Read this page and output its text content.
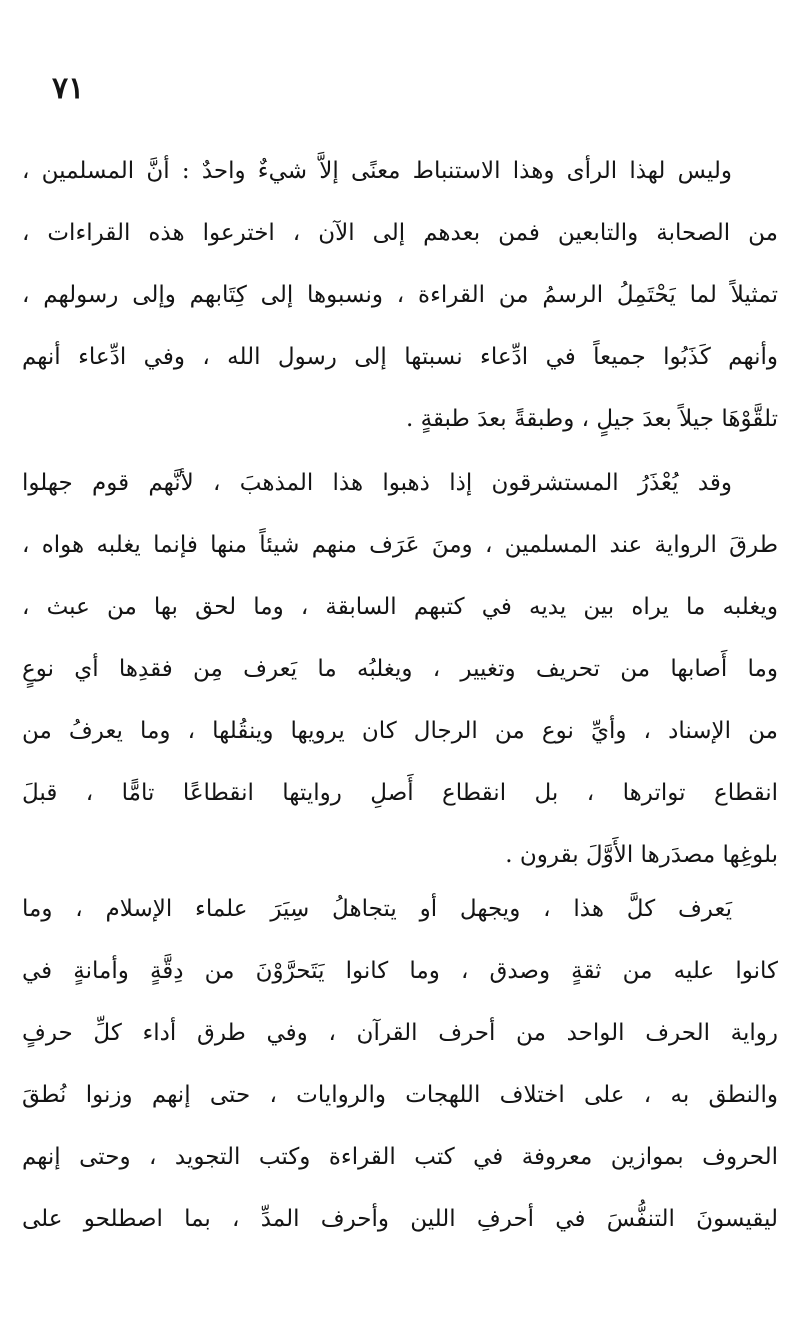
٧١
وليس لهذا الرأى وهذا الاستنباط معنًى إلاَّ شيءٌ واحدٌ : أنَّ المسلمين ،
من الصحابة والتابعين فمن بعدهم إلى الآن ، اخترعوا هذه القراءات ،
تمثيلاً لما يَحْتَمِلُ الرسمُ من القراءة ، ونسبوها إلى كِتَابهم وإلى رسولهم ،
وأنهم كَذَبُوا جميعاً في ادِّعاء نسبتها إلى رسول الله ، وفي ادِّعاء أنهم
تلقَّوْهَا جيلاً بعدَ جيلٍ ، وطبقةً بعدَ طبقةٍ .
وقد يُعْذَرُ المستشرقون إذا ذهبوا هذا المذهبَ ، لأنَّهم قوم جهلوا
طرقَ الرواية عند المسلمين ، ومنَ عَرَف منهم شيئاً منها فإنما يغلبه هواه ،
ويغلبه ما يراه بين يديه في كتبهم السابقة ، وما لحق بها من عبث ،
وما أَصابها من تحريف وتغيير ، ويغلبُه ما يَعرف مِن فقدِها أي نوعٍ
من الإسناد ، وأيِّ نوع من الرجال كان يرويها وينقُلها ، وما يعرفُ من
انقطاع تواترها ، بل انقطاع أَصلِ روايتها انقطاعًا تامًّا ، قبلَ
بلوغِها مصدَرها الأَوَّلَ بقرون .
يَعرف كلَّ هذا ، ويجهل أو يتجاهلُ سِيَرَ علماء الإسلام ، وما
كانوا عليه من ثقةٍ وصدق ، وما كانوا يَتَحرَّوْنَ من دِقَّةٍ وأمانةٍ في
رواية الحرف الواحد من أحرف القرآن ، وفي طرق أداء كلِّ حرفٍ
والنطق به ، على اختلاف اللهجات والروايات ، حتى إنهم وزنوا نُطقَ
الحروف بموازين معروفة في كتب القراءة وكتب التجويد ، وحتى إنهم
ليقيسونَ التنفُّسَ في أحرفِ اللين وأحرف المدِّ ، بما اصطلحو على
